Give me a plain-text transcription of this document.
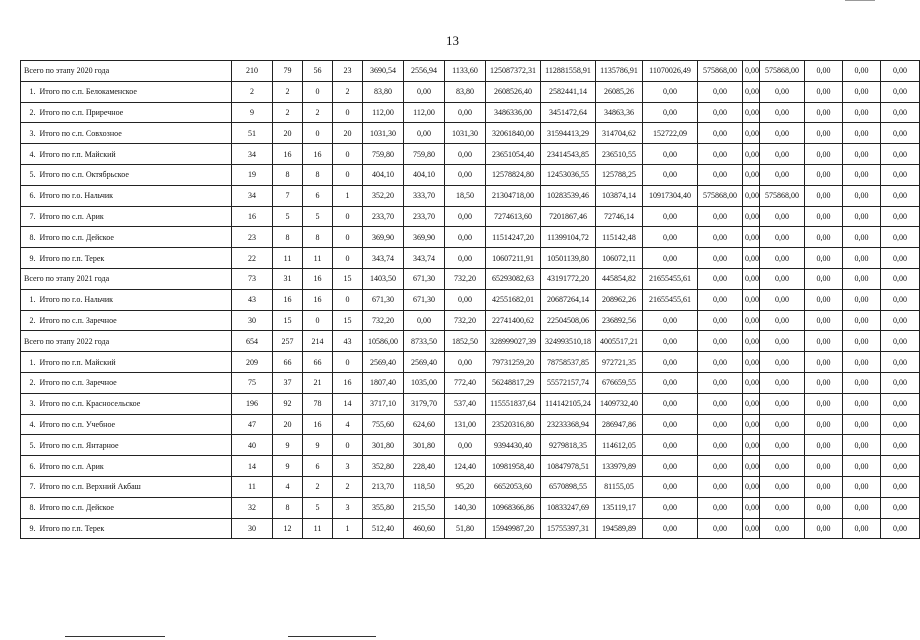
13
Всего по этапу 2020 года		210	79	56	23	3690,54	2556,94	1133,60	125087372,31	112881558,91	1135786,91	11070026,49	575868,00	0,00	575868,00	0,00	0,00	0,00
1.	Итого по с.п. Белокаменское	2	2	0	2	83,80	0,00	83,80	2608526,40	2582441,14	26085,26	0,00	0,00	0,00	0,00	0,00	0,00	0,00
2.	Итого по с.п. Приречное	9	2	2	0	112,00	112,00	0,00	3486336,00	3451472,64	34863,36	0,00	0,00	0,00	0,00	0,00	0,00	0,00
3.	Итого по с.п. Совхозное	51	20	0	20	1031,30	0,00	1031,30	32061840,00	31594413,29	314704,62	152722,09	0,00	0,00	0,00	0,00	0,00	0,00
4.	Итого по г.п. Майский	34	16	16	0	759,80	759,80	0,00	23651054,40	23414543,85	236510,55	0,00	0,00	0,00	0,00	0,00	0,00	0,00
5.	Итого по с.п. Октябрьское	19	8	8	0	404,10	404,10	0,00	12578824,80	12453036,55	125788,25	0,00	0,00	0,00	0,00	0,00	0,00	0,00
6.	Итого по г.о. Нальчик	34	7	6	1	352,20	333,70	18,50	21304718,00	10283539,46	103874,14	10917304,40	575868,00	0,00	575868,00	0,00	0,00	0,00
7.	Итого по с.п. Арик	16	5	5	0	233,70	233,70	0,00	7274613,60	7201867,46	72746,14	0,00	0,00	0,00	0,00	0,00	0,00	0,00
8.	Итого по с.п. Дейское	23	8	8	0	369,90	369,90	0,00	11514247,20	11399104,72	115142,48	0,00	0,00	0,00	0,00	0,00	0,00	0,00
9.	Итого по г.п. Терек	22	11	11	0	343,74	343,74	0,00	10607211,91	10501139,80	106072,11	0,00	0,00	0,00	0,00	0,00	0,00	0,00
Всего по этапу 2021 года		73	31	16	15	1403,50	671,30	732,20	65293082,63	43191772,20	445854,82	21655455,61	0,00	0,00	0,00	0,00	0,00	0,00
1.	Итого по г.о. Нальчик	43	16	16	0	671,30	671,30	0,00	42551682,01	20687264,14	208962,26	21655455,61	0,00	0,00	0,00	0,00	0,00	0,00
2.	Итого по с.п. Заречное	30	15	0	15	732,20	0,00	732,20	22741400,62	22504508,06	236892,56	0,00	0,00	0,00	0,00	0,00	0,00	0,00
Всего по этапу 2022 года		654	257	214	43	10586,00	8733,50	1852,50	328999027,39	324993510,18	4005517,21	0,00	0,00	0,00	0,00	0,00	0,00	0,00
1.	Итого по г.п. Майский	209	66	66	0	2569,40	2569,40	0,00	79731259,20	78758537,85	972721,35	0,00	0,00	0,00	0,00	0,00	0,00	0,00
2.	Итого по с.п. Заречное	75	37	21	16	1807,40	1035,00	772,40	56248817,29	55572157,74	676659,55	0,00	0,00	0,00	0,00	0,00	0,00	0,00
3.	Итого по с.п. Красносельское	196	92	78	14	3717,10	3179,70	537,40	115551837,64	114142105,24	1409732,40	0,00	0,00	0,00	0,00	0,00	0,00	0,00
4.	Итого по с.п. Учебное	47	20	16	4	755,60	624,60	131,00	23520316,80	23233368,94	286947,86	0,00	0,00	0,00	0,00	0,00	0,00	0,00
5.	Итого по с.п. Янтарное	40	9	9	0	301,80	301,80	0,00	9394430,40	9279818,35	114612,05	0,00	0,00	0,00	0,00	0,00	0,00	0,00
6.	Итого по с.п. Арик	14	9	6	3	352,80	228,40	124,40	10981958,40	10847978,51	133979,89	0,00	0,00	0,00	0,00	0,00	0,00	0,00
7.	Итого по с.п. Верхний Акбаш	11	4	2	2	213,70	118,50	95,20	6652053,60	6570898,55	81155,05	0,00	0,00	0,00	0,00	0,00	0,00	0,00
8.	Итого по с.п. Дейское	32	8	5	3	355,80	215,50	140,30	10968366,86	10833247,69	135119,17	0,00	0,00	0,00	0,00	0,00	0,00	0,00
9.	Итого по г.п. Терек	30	12	11	1	512,40	460,60	51,80	15949987,20	15755397,31	194589,89	0,00	0,00	0,00	0,00	0,00	0,00	0,00
